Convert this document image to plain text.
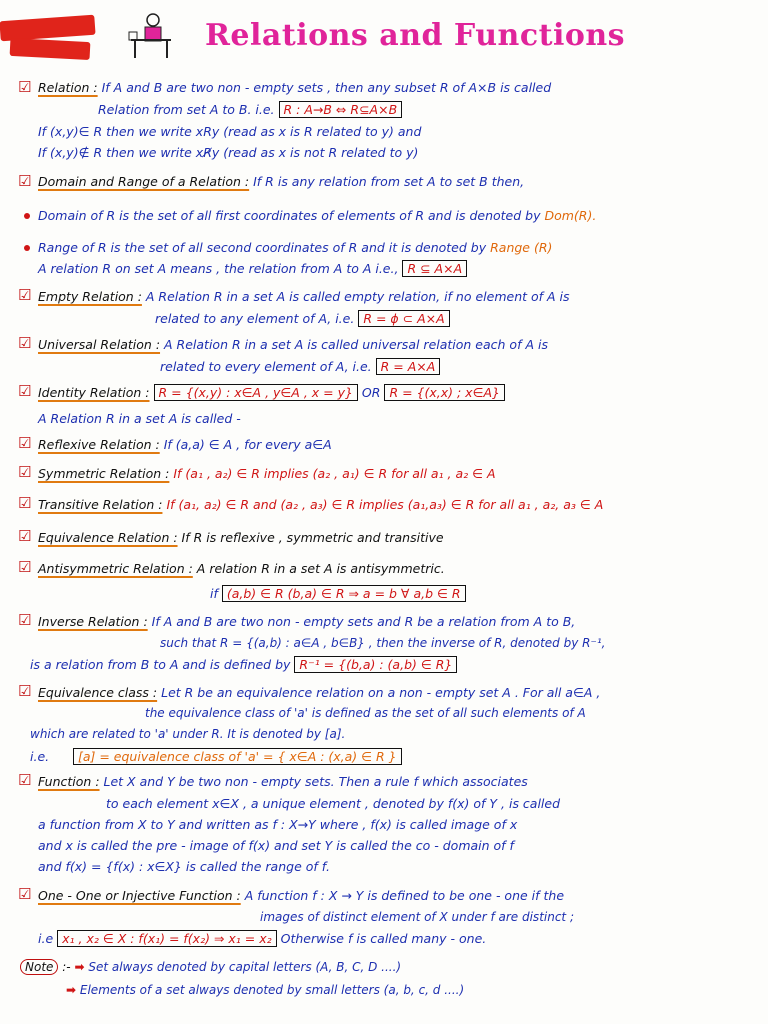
Relations and Functions
☑ Relation : If A and B are two non - empty sets , then any subset R of A×B is called
Relation from set A to B. i.e. R : A→B ⇔ R⊆A×B
If (x,y)∈ R then we write xRy (read as x is R related to y) and
If (x,y)∉ R then we write xR̸y (read as x is not R related to y)
☑ Domain and Range of a Relation : If R is any relation from set A to set B then,
Domain of R is the set of all first coordinates of elements of R and is denoted by Dom(R).
Range of R is the set of all second coordinates of R and it is denoted by Range (R)
A relation R on set A means , the relation from A to A i.e., R ⊆ A×A
☑ Empty Relation : A Relation R in a set A is called empty relation, if no element of A is
related to any element of A, i.e. R = ϕ ⊂ A×A
☑ Universal Relation : A Relation R in a set A is called universal relation each of A is
related to every element of A, i.e. R = A×A
☑ Identity Relation : R = {(x,y) : x∈A , y∈A , x = y} OR R = {(x,x) ; x∈A}
A Relation R in a set A is called -
☑ Reflexive Relation : If (a,a) ∈ A , for every a∈A
☑ Symmetric Relation : If (a₁ , a₂) ∈ R implies (a₂ , a₁) ∈ R for all a₁ , a₂ ∈ A
☑ Transitive Relation : If (a₁, a₂) ∈ R and (a₂ , a₃) ∈ R implies (a₁,a₃) ∈ R for all a₁ , a₂, a₃ ∈ A
☑ Equivalence Relation : If R is reflexive , symmetric and transitive
☑ Antisymmetric Relation : A relation R in a set A is antisymmetric.
if (a,b) ∈ R (b,a) ∈ R ⇒ a = b ∀ a,b ∈ R
☑ Inverse Relation : If A and B are two non - empty sets and R be a relation from A to B,
such that R = {(a,b) : a∈A , b∈B} , then the inverse of R, denoted by R⁻¹,
is a relation from B to A and is defined by R⁻¹ = {(b,a) : (a,b) ∈ R}
☑ Equivalence class : Let R be an equivalence relation on a non - empty set A . For all a∈A ,
the equivalence class of 'a' is defined as the set of all such elements of A
which are related to 'a' under R. It is denoted by [a].
i.e. [a] = equivalence class of 'a' = { x∈A : (x,a) ∈ R }
☑ Function : Let X and Y be two non - empty sets. Then a rule f which associates
to each element x∈X , a unique element , denoted by f(x) of Y , is called
a function from X to Y and written as f : X→Y where , f(x) is called image of x
and x is called the pre - image of f(x) and set Y is called the co - domain of f
and f(x) = {f(x) : x∈X} is called the range of f.
☑ One - One or Injective Function : A function f : X → Y is defined to be one - one if the
images of distinct element of X under f are distinct ;
i.e x₁ , x₂ ∈ X : f(x₁) = f(x₂) ⇒ x₁ = x₂ Otherwise f is called many - one.
Note :- ➡ Set always denoted by capital letters (A, B, C, D ....)
➡ Elements of a set always denoted by small letters (a, b, c, d ....)
